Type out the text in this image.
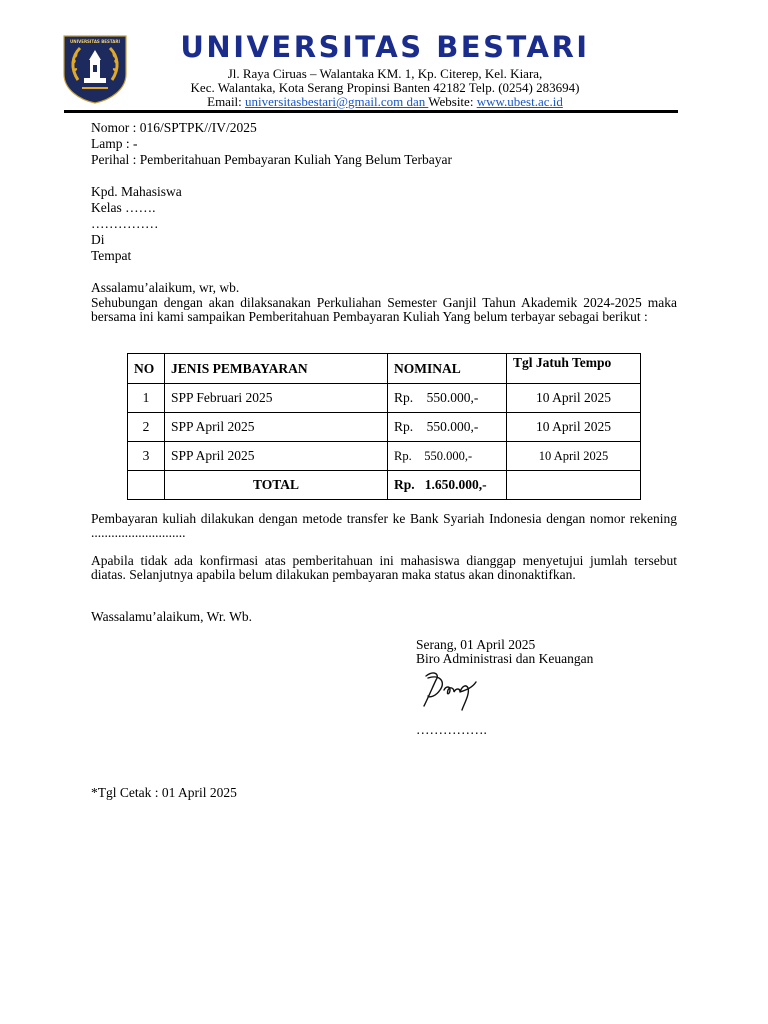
UNIVERSITAS BESTARI	UNIVERSITAS BESTARI
Jl. Raya Ciruas – Walantaka KM. 1, Kp. Citerep, Kel. Kiara,
Kec. Walantaka, Kota Serang Propinsi Banten 42182 Telp. (0254) 283694)
Email: universitasbestari@gmail.com dan Website: www.ubest.ac.id
Nomor : 016/SPTPK//IV/2025
Lamp : -
Perihal : Pemberitahuan Pembayaran Kuliah Yang Belum Terbayar
Kpd. Mahasiswa
Kelas …….
……………
Di
Tempat
Assalamu’alaikum, wr, wb.
Sehubungan dengan akan dilaksanakan Perkuliahan Semester Ganjil Tahun Akademik 2024-2025 maka bersama ini kami sampaikan Pemberitahuan Pembayaran Kuliah Yang belum terbayar sebagai berikut :
NO	JENIS PEMBAYARAN	NOMINAL	Tgl Jatuh Tempo
1	SPP Februari 2025	Rp.    550.000,-	10 April 2025
2	SPP April 2025	Rp.    550.000,-	10 April 2025
3	SPP April 2025	Rp.    550.000,-	10 April 2025
	TOTAL	Rp.   1.650.000,-	
Pembayaran kuliah dilakukan dengan metode transfer ke Bank Syariah Indonesia dengan nomor rekening ............................
Apabila tidak ada konfirmasi atas pemberitahuan ini mahasiswa dianggap menyetujui jumlah tersebut diatas. Selanjutnya apabila belum dilakukan pembayaran maka status akan dinonaktifkan.
Wassalamu’alaikum, Wr. Wb.
Serang, 01 April 2025
Biro Administrasi dan Keuangan
…………….
*Tgl Cetak : 01 April 2025
